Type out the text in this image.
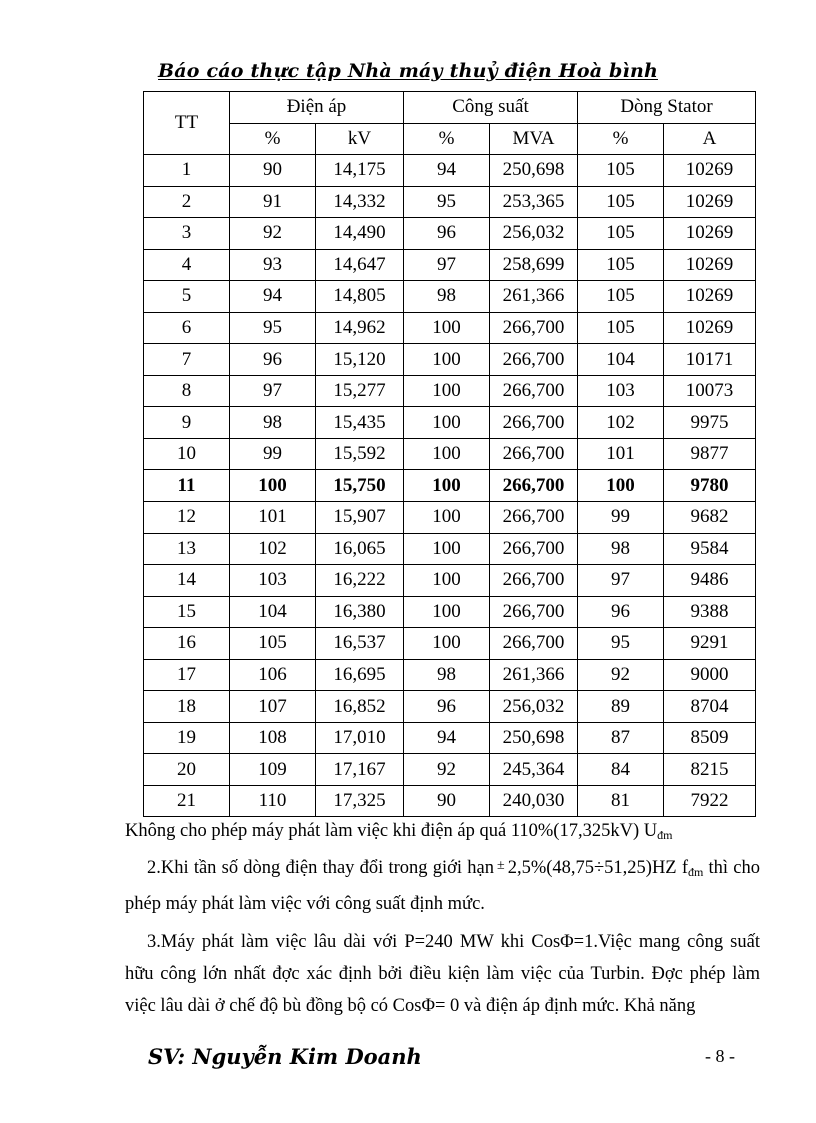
Báo cáo thực tập Nhà máy thuỷ điện Hoà bình
TT	Điện áp		Công suất		Dòng Stator	
	%	kV	%	MVA	%	A
1	90	14,175	94	250,698	105	10269
2	91	14,332	95	253,365	105	10269
3	92	14,490	96	256,032	105	10269
4	93	14,647	97	258,699	105	10269
5	94	14,805	98	261,366	105	10269
6	95	14,962	100	266,700	105	10269
7	96	15,120	100	266,700	104	10171
8	97	15,277	100	266,700	103	10073
9	98	15,435	100	266,700	102	9975
10	99	15,592	100	266,700	101	9877
11	100	15,750	100	266,700	100	9780
12	101	15,907	100	266,700	99	9682
13	102	16,065	100	266,700	98	9584
14	103	16,222	100	266,700	97	9486
15	104	16,380	100	266,700	96	9388
16	105	16,537	100	266,700	95	9291
17	106	16,695	98	261,366	92	9000
18	107	16,852	96	256,032	89	8704
19	108	17,010	94	250,698	87	8509
20	109	17,167	92	245,364	84	8215
21	110	17,325	90	240,030	81	7922
Không cho phép máy phát làm việc khi điện áp quá 110%(17,325kV) $U_{đm}$
2.Khi tần số dòng điện thay đổi trong giới hạn ± 2,5%(48,75÷51,25)HZ $f_{đm}$ thì cho phép máy phát làm việc với công suất định mức.
3.Máy phát làm việc lâu dài với P=240 MW khi CosΦ=1.Việc mang công suất hữu công lớn nhất đợc xác định bởi điều kiện làm việc của Turbin. Đợc phép làm việc lâu dài ở chế độ bù đồng bộ có CosΦ= 0 và điện áp định mức. Khả năng
SV: Nguyễn Kim Doanh	- 8 -
